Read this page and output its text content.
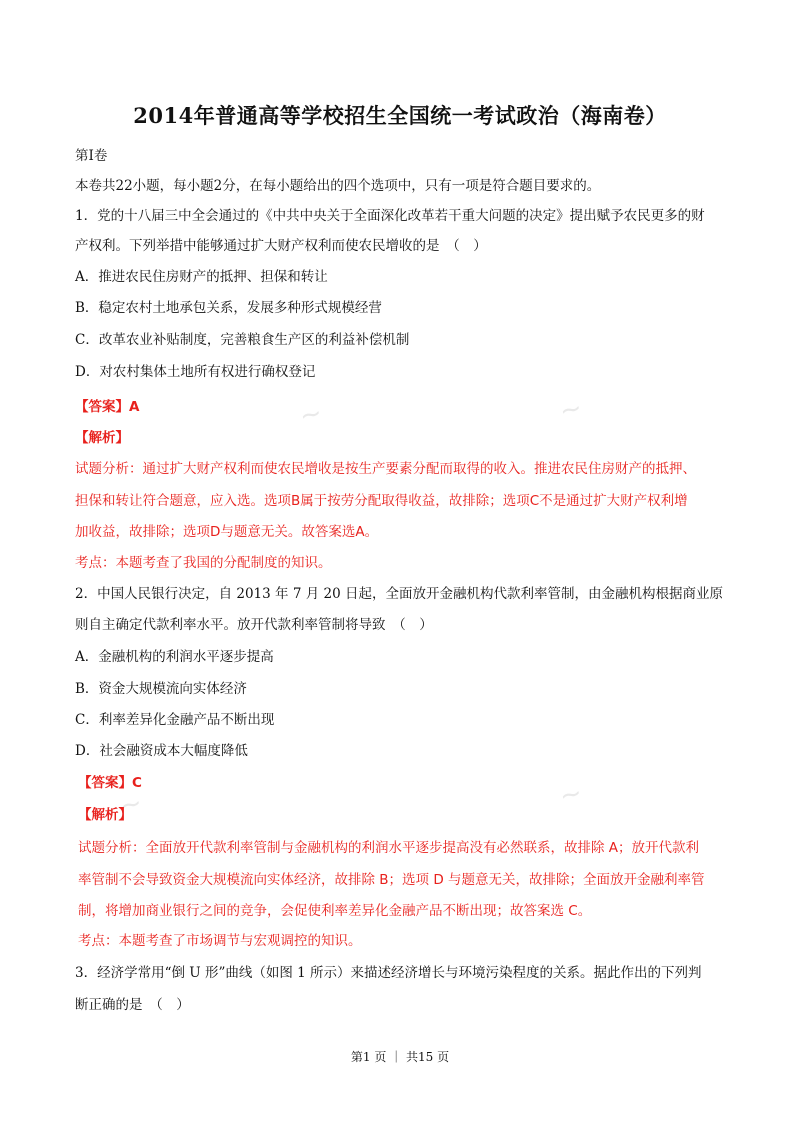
~	~
~	~
2014年普通高等学校招生全国统一考试政治（海南卷）
第Ⅰ卷
本卷共22小题，每小题2分，在每小题给出的四个选项中，只有一项是符合题目要求的。
1．党的十八届三中全会通过的《中共中央关于全面深化改革若干重大问题的决定》提出赋予农民更多的财
产权利。下列举措中能够通过扩大财产权利而使农民增收的是　（　）
A．推进农民住房财产的抵押、担保和转让
B．稳定农村土地承包关系，发展多种形式规模经营
C．改革农业补贴制度，完善粮食生产区的利益补偿机制
D．对农村集体土地所有权进行确权登记
【答案】A
【解析】
试题分析：通过扩大财产权利而使农民增收是按生产要素分配而取得的收入。推进农民住房财产的抵押、
担保和转让符合题意，应入选。选项B属于按劳分配取得收益，故排除；选项C不是通过扩大财产权利增
加收益，故排除；选项D与题意无关。故答案选A。
考点：本题考查了我国的分配制度的知识。
2．中国人民银行决定，自 2013 年 7 月 20 日起，全面放开金融机构代款利率管制，由金融机构根据商业原
则自主确定代款利率水平。放开代款利率管制将导致　（　）
A．金融机构的利润水平逐步提高
B．资金大规模流向实体经济
C．利率差异化金融产品不断出现
D．社会融资成本大幅度降低
【答案】C
【解析】
试题分析：全面放开代款利率管制与金融机构的利润水平逐步提高没有必然联系，故排除 A；放开代款利
率管制不会导致资金大规模流向实体经济，故排除 B；选项 D 与题意无关，故排除；全面放开金融利率管
制，将增加商业银行之间的竞争，会促使利率差异化金融产品不断出现；故答案选 C。
考点：本题考查了市场调节与宏观调控的知识。
3．经济学常用“倒 U 形”曲线（如图 1 所示）来描述经济增长与环境污染程度的关系。据此作出的下列判
断正确的是　（　）
第1 页 ｜ 共15 页
